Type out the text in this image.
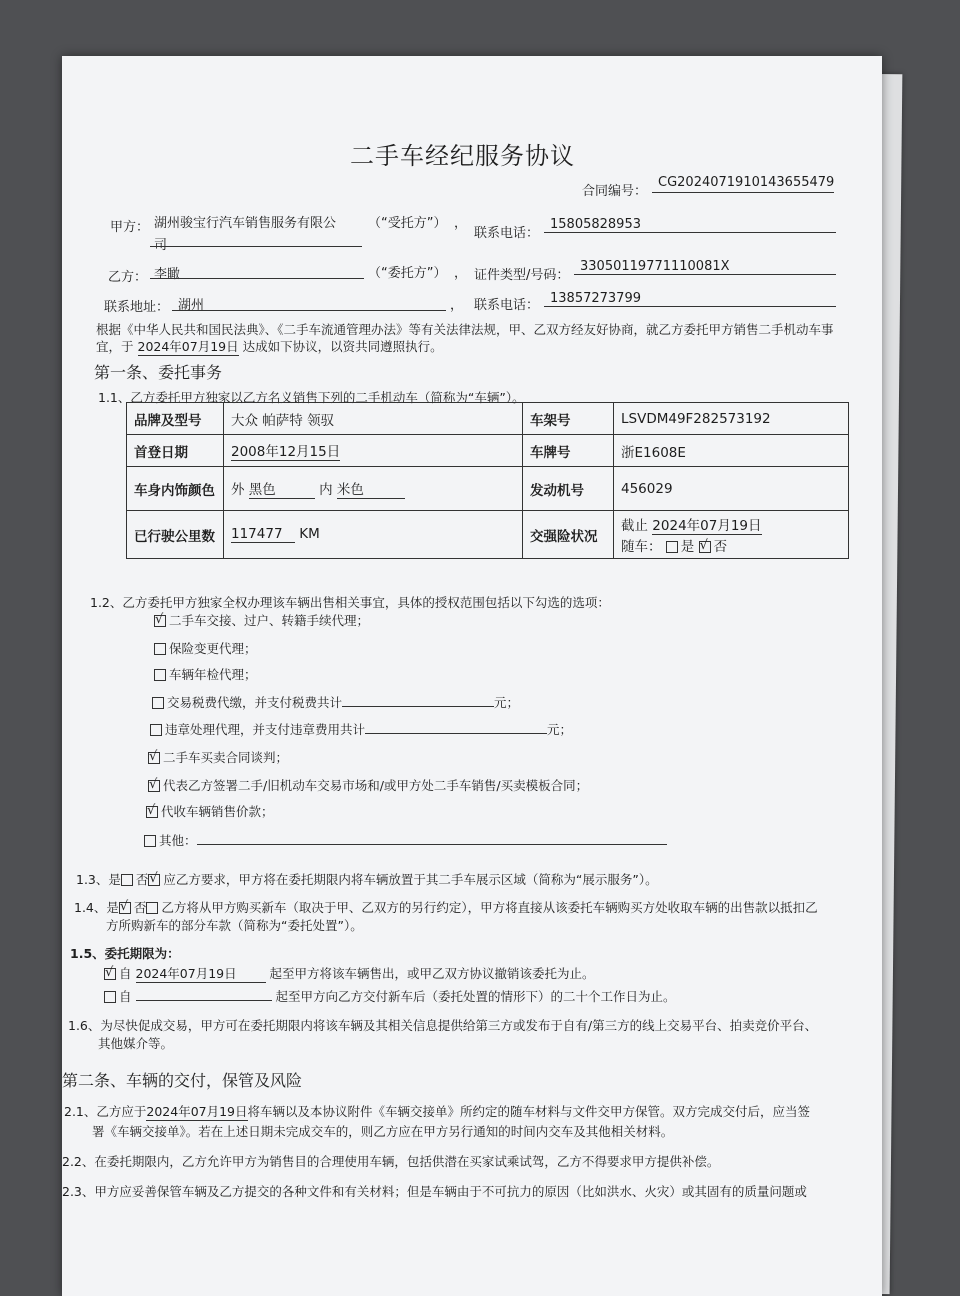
二手车经纪服务协议
合同编号：
CG2024071910143655479
甲方： 湖州骏宝行汽车销售服务有限公
司
（“受托方”） ，
联系电话：
15805828953
乙方： 李瞰	（“委托方”） ， 证件类型/号码：
33050119771110081X
联系地址： 湖州	， 联系电话： 13857273799
根据《中华人民共和国民法典》、《二手车流通管理办法》等有关法律法规，甲、乙双方经友好协商，就乙方委托甲方销售二手机动车事
宜，于 2024年07月19日 达成如下协议，以资共同遵照执行。
第一条、委托事务
1.1、乙方委托甲方独家以乙方名义销售下列的二手机动车（简称为“车辆”）。
品牌及型号	大众 帕萨特 领驭	车架号	LSVDM49F282573192
首登日期	2008年12月15日	车牌号	浙E1608E
车身内饰颜色	外 黑色 内 米色	发动机号	456029
已行驶公里数	117477 KM	交强险状况	截止 2024年07月19日
随车： 是 √ 否
1.2、乙方委托甲方独家全权办理该车辆出售相关事宜，具体的授权范围包括以下勾选的选项：
√二手车交接、过户、转籍手续代理；
保险变更代理；
车辆年检代理；
交易税费代缴，并支付税费共计	元；
违章处理代理，并支付违章费用共计	元；
√二手车买卖合同谈判；
√代表乙方签署二手/旧机动车交易市场和/或甲方处二手车销售/买卖模板合同；
√代收车辆销售价款；
其他：
1.3、是 否 √ 应乙方要求，甲方将在委托期限内将车辆放置于其二手车展示区域（简称为“展示服务”）。
1.4、是 √ 否 乙方将从甲方购买新车（取决于甲、乙双方的另行约定），甲方将直接从该委托车辆购买方处收取车辆的出售款以抵扣乙
方所购新车的部分车款（简称为“委托处置”）。
1.5、委托期限为：
√自 2024年07月19日	起至甲方将该车辆售出，或甲乙双方协议撤销该委托为止。
自	起至甲方向乙方交付新车后（委托处置的情形下）的二十个工作日为止。
1.6、为尽快促成交易，甲方可在委托期限内将该车辆及其相关信息提供给第三方或发布于自有/第三方的线上交易平台、拍卖竞价平台、
其他媒介等。
第二条、车辆的交付，保管及风险
2.1、乙方应于2024年07月19日将车辆以及本协议附件《车辆交接单》所约定的随车材料与文件交甲方保管。双方完成交付后，应当签
署《车辆交接单》。若在上述日期未完成交车的，则乙方应在甲方另行通知的时间内交车及其他相关材料。
2.2、在委托期限内，乙方允许甲方为销售目的合理使用车辆，包括供潜在买家试乘试驾，乙方不得要求甲方提供补偿。
2.3、甲方应妥善保管车辆及乙方提交的各种文件和有关材料；但是车辆由于不可抗力的原因（比如洪水、火灾）或其固有的质量问题或
